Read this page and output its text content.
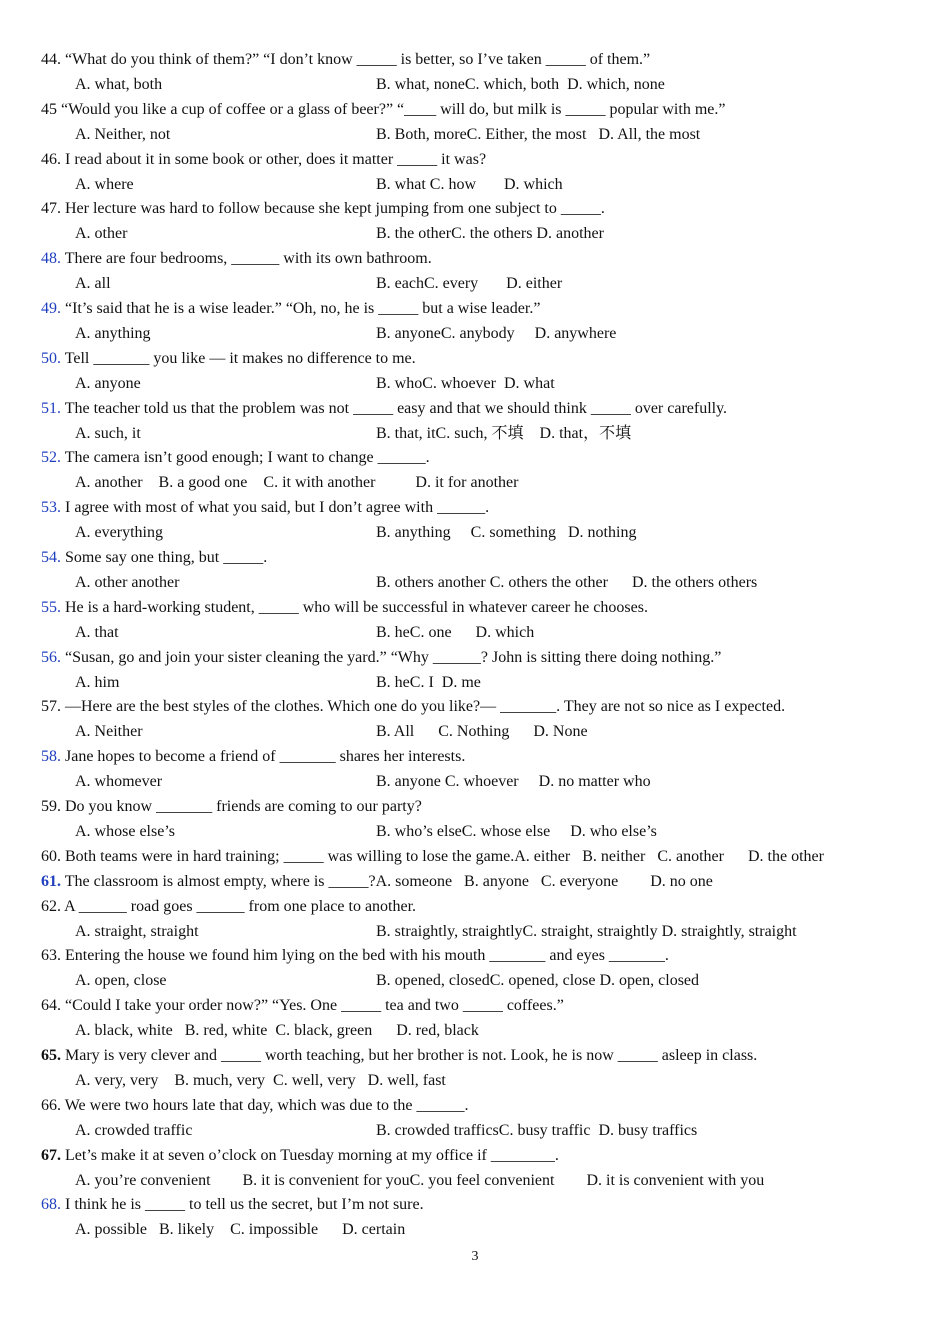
44. “What do you think of them?” “I don’t know _____ is better, so I’ve taken _____ of them.”
A. what, both	B. what, noneC. which, both  D. which, none
45 “Would you like a cup of coffee or a glass of beer?” “____ will do, but milk is _____ popular with me.”
A. Neither, not	B. Both, moreC. Either, the most   D. All, the most
46. I read about it in some book or other, does it matter _____ it was?
A. where	B. what C. how       D. which
47. Her lecture was hard to follow because she kept jumping from one subject to _____.
A. other	B. the otherC. the others D. another
48. There are four bedrooms, ______ with its own bathroom.
A. all	B. eachC. every       D. either
49. “It’s said that he is a wise leader.” “Oh, no, he is _____ but a wise leader.”
A. anything	B. anyoneC. anybody     D. anywhere
50. Tell _______ you like — it makes no difference to me.
A. anyone	B. whoC. whoever  D. what
51. The teacher told us that the problem was not _____ easy and that we should think _____ over carefully.
A. such, it	B. that, itC. such, 不填    D. that，不填
52. The camera isn’t good enough; I want to change ______.
A. another    B. a good one    C. it with another          D. it for another
53. I agree with most of what you said, but I don’t agree with ______.
A. everything	B. anything     C. something   D. nothing
54. Some say one thing, but _____.
A. other another	B. others another C. others the other      D. the others others
55. He is a hard-working student, _____ who will be successful in whatever career he chooses.
A. that	B. heC. one      D. which
56. “Susan, go and join your sister cleaning the yard.” “Why ______? John is sitting there doing nothing.”
A. him	B. heC. I  D. me
57. —Here are the best styles of the clothes. Which one do you like?— _______. They are not so nice as I expected.
A. Neither	B. All      C. Nothing      D. None
58. Jane hopes to become a friend of _______ shares her interests.
A. whomever	B. anyone C. whoever     D. no matter who
59. Do you know _______ friends are coming to our party?
A. whose else’s	B. who’s elseC. whose else     D. who else’s
60. Both teams were in hard training; _____ was willing to lose the game.A. either   B. neither   C. another      D. the other
61. The classroom is almost empty, where is _____?A. someone   B. anyone   C. everyone        D. no one
62. A ______ road goes ______ from one place to another.
A. straight, straight	B. straightly, straightlyC. straight, straightly D. straightly, straight
63. Entering the house we found him lying on the bed with his mouth _______ and eyes _______.
A. open, close	B. opened, closedC. opened, close D. open, closed
64. “Could I take your order now?” “Yes. One _____ tea and two _____ coffees.”
A. black, white   B. red, white  C. black, green      D. red, black
65. Mary is very clever and _____ worth teaching, but her brother is not. Look, he is now _____ asleep in class.
A. very, very    B. much, very  C. well, very   D. well, fast
66. We were two hours late that day, which was due to the ______.
A. crowded traffic	B. crowded trafficsC. busy traffic  D. busy traffics
67. Let’s make it at seven o’clock on Tuesday morning at my office if ________.
A. you’re convenient        B. it is convenient for youC. you feel convenient        D. it is convenient with you
68. I think he is _____ to tell us the secret, but I’m not sure.
A. possible   B. likely    C. impossible      D. certain
3
